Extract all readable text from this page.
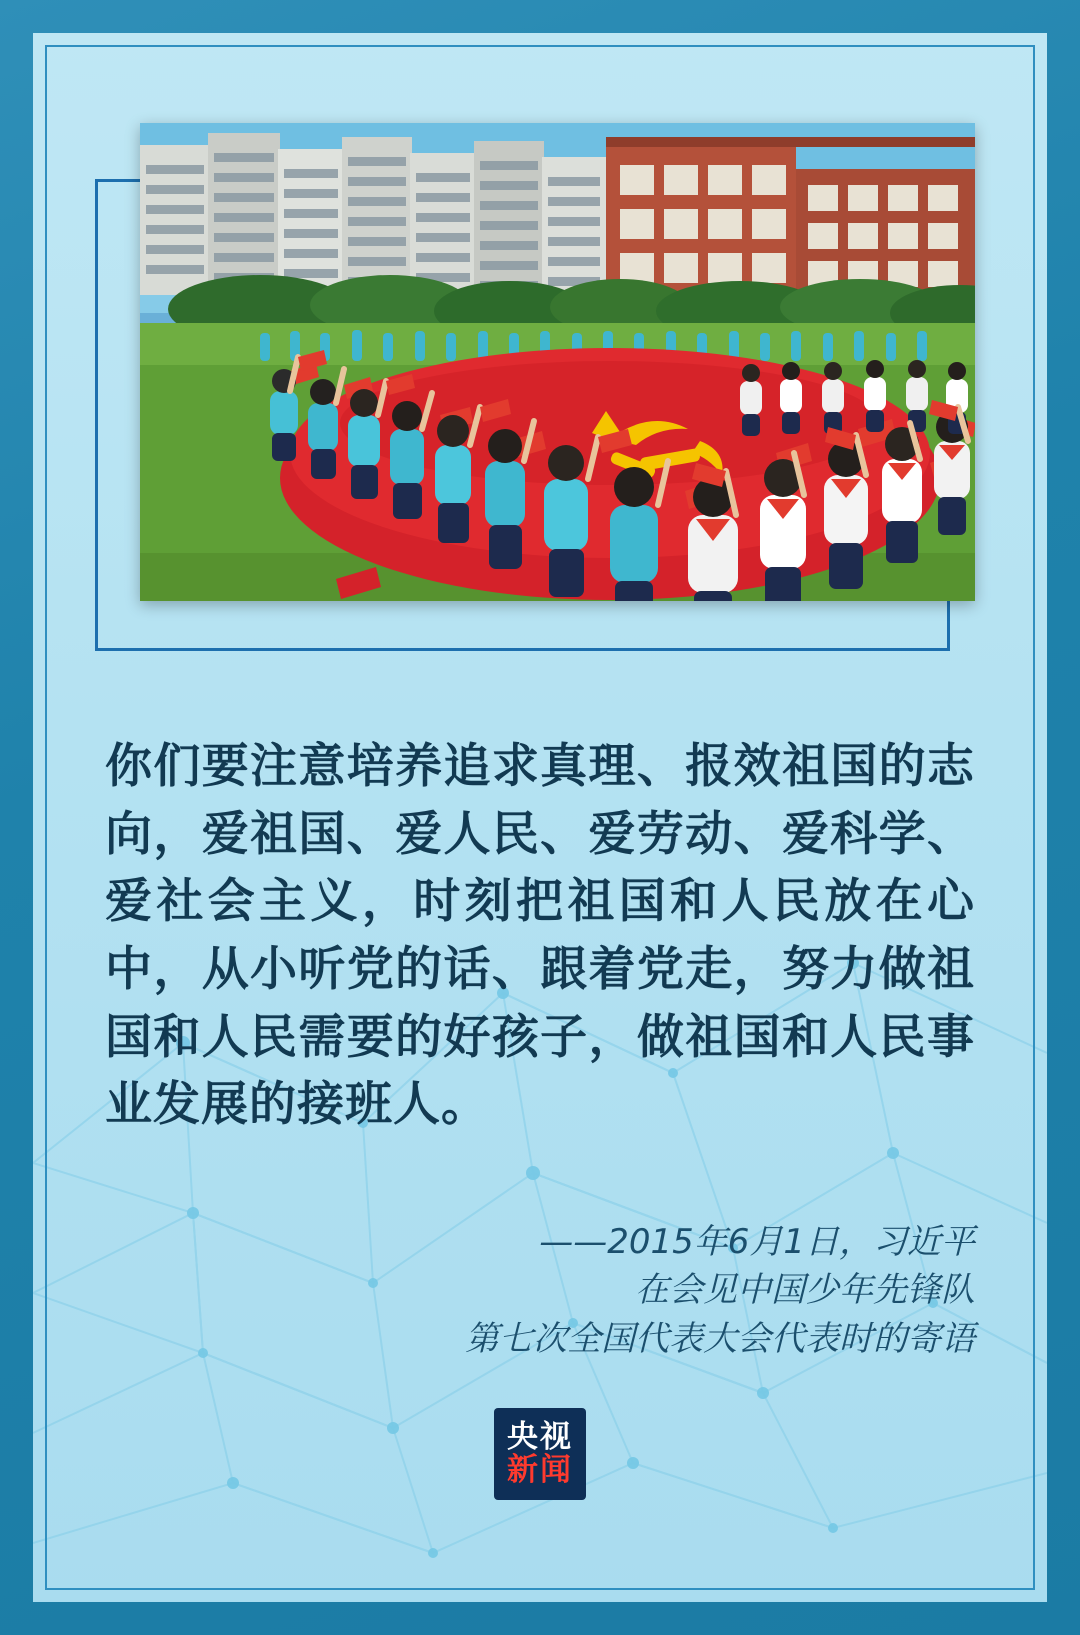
你们要注意培养追求真理、报效祖国的志向，爱祖国、爱人民、爱劳动、爱科学、爱社会主义，时刻把祖国和人民放在心中，从小听党的话、跟着党走，努力做祖国和人民需要的好孩子，做祖国和人民事业发展的接班人。
——2015年6月1日，习近平
在会见中国少年先锋队
第七次全国代表大会代表时的寄语
央视
新闻
